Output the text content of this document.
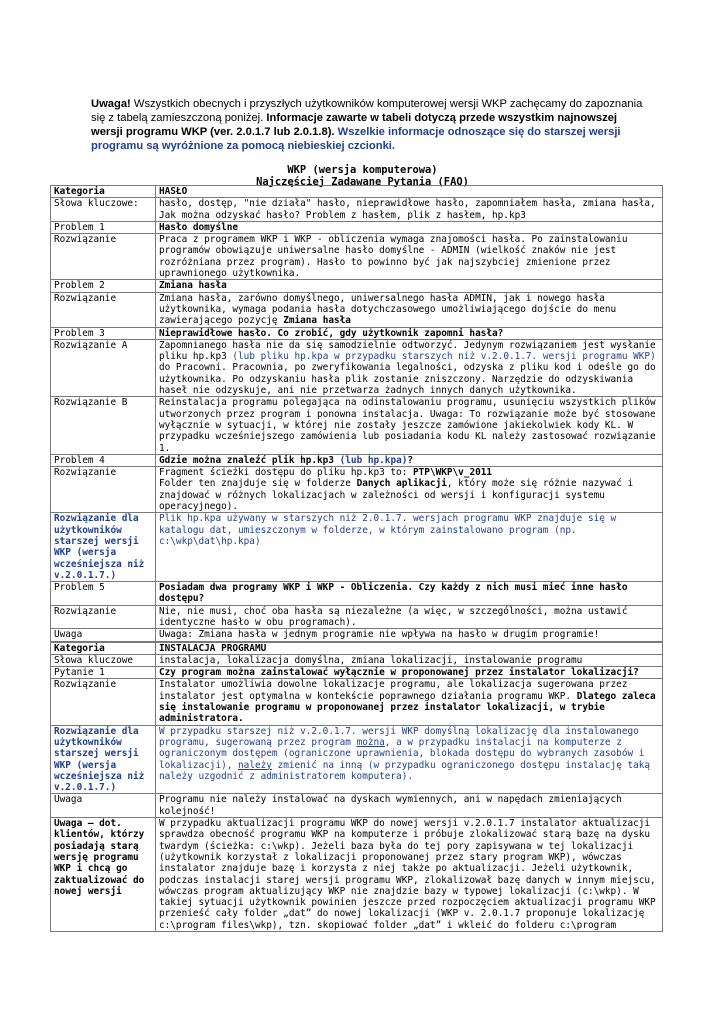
Uwaga! Wszystkich obecnych i przyszłych użytkowników komputerowej wersji WKP zachęcamy do zapoznania się z tabelą zamieszczoną poniżej. Informacje zawarte w tabeli dotyczą przede wszystkim najnowszej wersji programu WKP (ver. 2.0.1.7 lub 2.0.1.8). Wszelkie informacje odnoszące się do starszej wersji programu są wyróżnione za pomocą niebieskiej czcionki.
WKP (wersja komputerowa)
Najczęściej Zadawane Pytania (FAQ)
Kategoria	HASŁO
Słowa kluczowe:	hasło, dostęp, "nie działa" hasło, nieprawidłowe hasło, zapomniałem hasła, zmiana hasła, Jak można odzyskać hasło? Problem z hasłem, plik z hasłem, hp.kp3
Problem 1	Hasło domyślne
Rozwiązanie	Praca z programem WKP i WKP - obliczenia wymaga znajomości hasła. Po zainstalowaniu programów obowiązuje uniwersalne hasło domyślne - ADMIN (wielkość znaków nie jest rozróżniana przez program). Hasło to powinno być jak najszybciej zmienione przez uprawnionego użytkownika.
Problem 2	Zmiana hasła
Rozwiązanie	Zmiana hasła, zarówno domyślnego, uniwersalnego hasła ADMIN, jak i nowego hasła użytkownika, wymaga podania hasła dotychczasowego umożliwiającego dojście do menu zawierającego pozycję Zmiana hasła
Problem 3	Nieprawidłowe hasło. Co zrobić, gdy użytkownik zapomni hasła?
Rozwiązanie A	Zapomnianego hasła nie da się samodzielnie odtworzyć. Jedynym rozwiązaniem jest wysłanie pliku hp.kp3 (lub pliku hp.kpa w przypadku starszych niż v.2.0.1.7. wersji programu WKP) do Pracowni. Pracownia, po zweryfikowania legalności, odzyska z pliku kod i odeśle go do użytkownika. Po odzyskaniu hasła plik zostanie zniszczony. Narzędzie do odzyskiwania haseł nie odzyskuje, ani nie przetwarza żadnych innych danych użytkownika.
Rozwiązanie B	Reinstalacja programu polegająca na odinstalowaniu programu, usunięciu wszystkich plików utworzonych przez program i ponowna instalacja. Uwaga: To rozwiązanie może być stosowane wyłącznie w sytuacji, w której nie zostały jeszcze zamówione jakiekolwiek kody KL. W przypadku wcześniejszego zamówienia lub posiadania kodu KL należy zastosować rozwiązanie 1.
Problem 4	Gdzie można znaleźć plik hp.kp3 (lub hp.kpa)?
Rozwiązanie	Fragment ścieżki dostępu do pliku hp.kp3 to: PTP\WKP\v_2011
Folder ten znajduje się w folderze Danych aplikacji, który może się różnie nazywać i znajdować w różnych lokalizacjach w zależności od wersji i konfiguracji systemu operacyjnego).
Rozwiązanie dla użytkowników starszej wersji WKP (wersja wcześniejsza niż v.2.0.1.7.)	Plik hp.kpa używany w starszych niż 2.0.1.7. wersjach programu WKP znajduje się w katalogu dat, umieszczonym w folderze, w którym zainstalowano program (np. c:\wkp\dat\hp.kpa)
Problem 5	Posiadam dwa programy WKP i WKP - Obliczenia. Czy każdy z nich musi mieć inne hasło dostępu?
Rozwiązanie	Nie, nie musi, choć oba hasła są niezależne (a więc, w szczególności, można ustawić identyczne hasło w obu programach).
Uwaga	Uwaga: Zmiana hasła w jednym programie nie wpływa na hasło w drugim programie!
Kategoria	INSTALACJA PROGRAMU
Słowa kluczowe	instalacja, lokalizacja domyślna, zmiana lokalizacji, instalowanie programu
Pytanie 1	Czy program można zainstalować wyłącznie w proponowanej przez instalator lokalizacji?
Rozwiązanie	Instalator umożliwia dowolne lokalizacje programu, ale lokalizacja sugerowana przez instalator jest optymalna w kontekście poprawnego działania programu WKP. Dlatego zaleca się instalowanie programu w proponowanej przez instalator lokalizacji, w trybie administratora.
Rozwiązanie dla użytkowników starszej wersji WKP (wersja wcześniejsza niż v.2.0.1.7.)	W przypadku starszej niż v.2.0.1.7. wersji WKP domyślną lokalizację dla instalowanego programu, sugerowaną przez program można, a w przypadku instalacji na komputerze z ograniczonym dostępem (ograniczone uprawnienia, blokada dostępu do wybranych zasobów i lokalizacji), należy zmienić na inną (w przypadku ograniczonego dostępu instalację taką należy uzgodnić z administratorem komputera).
Uwaga	Programu nie należy instalować na dyskach wymiennych, ani w napędach zmieniających kolejność!
Uwaga – dot. klientów, którzy posiadają starą wersję programu WKP i chcą go zaktualizować do nowej wersji	W przypadku aktualizacji programu WKP do nowej wersji v.2.0.1.7 instalator aktualizacji sprawdza obecność programu WKP na komputerze i próbuje zlokalizować starą bazę na dysku twardym (ścieżka: c:\wkp). Jeżeli baza była do tej pory zapisywana w tej lokalizacji (użytkownik korzystał z lokalizacji proponowanej przez stary program WKP), wówczas instalator znajduje bazę i korzysta z niej także po aktualizacji. Jeżeli użytkownik, podczas instalacji starej wersji programu WKP, zlokalizował bazę danych w innym miejscu, wówczas program aktualizujący WKP nie znajdzie bazy w typowej lokalizacji (c:\wkp). W takiej sytuacji użytkownik powinien jeszcze przed rozpoczęciem aktualizacji programu WKP przenieść cały folder „dat” do nowej lokalizacji (WKP v. 2.0.1.7 proponuje lokalizację c:\program files\wkp), tzn. skopiować folder „dat” i wkleić do folderu c:\program
